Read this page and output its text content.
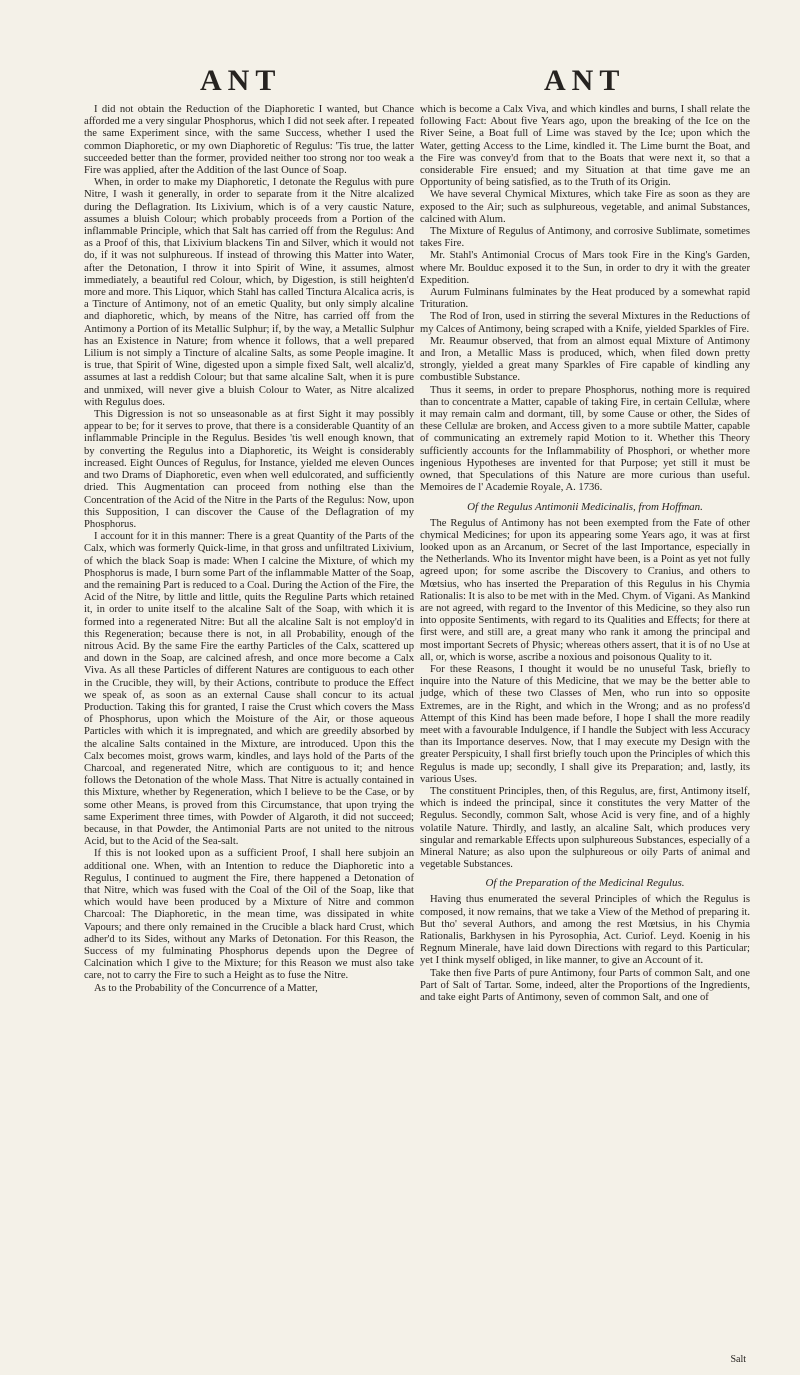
ANT	ANT

I did not obtain the Reduction of the Diaphoretic I wanted, but Chance afforded me a very singular Phosphorus, which I did not seek after. I repeated the same Experiment since, with the same Success, whether I used the common Diaphoretic, or my own Diaphoretic of Regulus: 'Tis true, the latter succeeded better than the former, provided neither too strong nor too weak a Fire was applied, after the Addition of the last Ounce of Soap.

When, in order to make my Diaphoretic, I detonate the Regulus with pure Nitre, I wash it generally, in order to separate from it the Nitre alcalized during the Deflagration. Its Lixivium, which is of a very caustic Nature, assumes a bluish Colour; which probably proceeds from a Portion of the inflammable Principle, which that Salt has carried off from the Regulus: And as a Proof of this, that Lixivium blackens Tin and Silver, which it would not do, if it was not sulphureous. If instead of throwing this Matter into Water, after the Detonation, I throw it into Spirit of Wine, it assumes, almost immediately, a beautiful red Colour, which, by Digestion, is still heighten'd more and more. This Liquor, which Stahl has called Tinctura Alcalica acris, is a Tincture of Antimony, not of an emetic Quality, but only simply alcaline and diaphoretic, which, by means of the Nitre, has carried off from the Antimony a Portion of its Metallic Sulphur; if, by the way, a Metallic Sulphur has an Existence in Nature; from whence it follows, that a well prepared Lilium is not simply a Tincture of alcaline Salts, as some People imagine. It is true, that Spirit of Wine, digested upon a simple fixed Salt, well alcaliz'd, assumes at last a reddish Colour; but that same alcaline Salt, when it is pure and unmixed, will never give a bluish Colour to Water, as Nitre alcalized with Regulus does.

This Digression is not so unseasonable as at first Sight it may possibly appear to be; for it serves to prove, that there is a considerable Quantity of an inflammable Principle in the Regulus. Besides 'tis well enough known, that by converting the Regulus into a Diaphoretic, its Weight is considerably increased. Eight Ounces of Regulus, for Instance, yielded me eleven Ounces and two Drams of Diaphoretic, even when well edulcorated, and sufficiently dried. This Augmentation can proceed from nothing else than the Concentration of the Acid of the Nitre in the Parts of the Regulus: Now, upon this Supposition, I can discover the Cause of the Deflagration of my Phosphorus.

I account for it in this manner: There is a great Quantity of the Parts of the Calx, which was formerly Quick-lime, in that gross and unfiltrated Lixivium, of which the black Soap is made: When I calcine the Mixture, of which my Phosphorus is made, I burn some Part of the inflammable Matter of the Soap, and the remaining Part is reduced to a Coal. During the Action of the Fire, the Acid of the Nitre, by little and little, quits the Reguline Parts which retained it, in order to unite itself to the alcaline Salt of the Soap, with which it is formed into a regenerated Nitre: But all the alcaline Salt is not employ'd in this Regeneration; because there is not, in all Probability, enough of the nitrous Acid. By the same Fire the earthy Particles of the Calx, scattered up and down in the Soap, are calcined afresh, and once more become a Calx Viva. As all these Particles of different Natures are contiguous to each other in the Crucible, they will, by their Actions, contribute to produce the Effect we speak of, as soon as an external Cause shall concur to its actual Production. Taking this for granted, I raise the Crust which covers the Mass of Phosphorus, upon which the Moisture of the Air, or those aqueous Particles with which it is impregnated, and which are greedily absorbed by the alcaline Salts contained in the Mixture, are introduced. Upon this the Calx becomes moist, grows warm, kindles, and lays hold of the Parts of the Charcoal, and regenerated Nitre, which are contiguous to it; and hence follows the Detonation of the whole Mass. That Nitre is actually contained in this Mixture, whether by Regeneration, which I believe to be the Case, or by some other Means, is proved from this Circumstance, that upon trying the same Experiment three times, with Powder of Algaroth, it did not succeed; because, in that Powder, the Antimonial Parts are not united to the nitrous Acid, but to the Acid of the Sea-salt.

If this is not looked upon as a sufficient Proof, I shall here subjoin an additional one. When, with an Intention to reduce the Diaphoretic into a Regulus, I continued to augment the Fire, there happened a Detonation of that Nitre, which was fused with the Coal of the Oil of the Soap, like that which would have been produced by a Mixture of Nitre and common Charcoal: The Diaphoretic, in the mean time, was dissipated in white Vapours; and there only remained in the Crucible a black hard Crust, which adher'd to its Sides, without any Marks of Detonation. For this Reason, the Success of my fulminating Phosphorus depends upon the Degree of Calcination which I give to the Mixture; for this Reason we must also take care, not to carry the Fire to such a Height as to fuse the Nitre.

As to the Probability of the Concurrence of a Matter,

which is become a Calx Viva, and which kindles and burns, I shall relate the following Fact: About five Years ago, upon the breaking of the Ice on the River Seine, a Boat full of Lime was staved by the Ice; upon which the Water, getting Access to the Lime, kindled it. The Lime burnt the Boat, and the Fire was convey'd from that to the Boats that were next it, so that a considerable Fire ensued; and my Situation at that time gave me an Opportunity of being satisfied, as to the Truth of its Origin.

We have several Chymical Mixtures, which take Fire as soon as they are exposed to the Air; such as sulphureous, vegetable, and animal Substances, calcined with Alum.

The Mixture of Regulus of Antimony, and corrosive Sublimate, sometimes takes Fire.

Mr. Stahl's Antimonial Crocus of Mars took Fire in the King's Garden, where Mr. Boulduc exposed it to the Sun, in order to dry it with the greater Expedition.

Aurum Fulminans fulminates by the Heat produced by a somewhat rapid Trituration.

The Rod of Iron, used in stirring the several Mixtures in the Reductions of my Calces of Antimony, being scraped with a Knife, yielded Sparkles of Fire.

Mr. Reaumur observed, that from an almost equal Mixture of Antimony and Iron, a Metallic Mass is produced, which, when filed down pretty strongly, yielded a great many Sparkles of Fire capable of kindling any combustible Substance.

Thus it seems, in order to prepare Phosphorus, nothing more is required than to concentrate a Matter, capable of taking Fire, in certain Cellulæ, where it may remain calm and dormant, till, by some Cause or other, the Sides of these Cellulæ are broken, and Access given to a more subtile Matter, capable of communicating an extremely rapid Motion to it. Whether this Theory sufficiently accounts for the Inflammability of Phosphori, or whether more ingenious Hypotheses are invented for that Purpose; yet still it must be owned, that Speculations of this Nature are more curious than useful. Memoires de l' Academie Royale, A. 1736.

Of the Regulus Antimonii Medicinalis, from Hoffman.

The Regulus of Antimony has not been exempted from the Fate of other chymical Medicines; for upon its appearing some Years ago, it was at first looked upon as an Arcanum, or Secret of the last Importance, especially in the Netherlands. Who its Inventor might have been, is a Point as yet not fully agreed upon; for some ascribe the Discovery to Cranius, and others to Mœtsius, who has inserted the Preparation of this Regulus in his Chymia Rationalis: It is also to be met with in the Med. Chym. of Vigani. As Mankind are not agreed, with regard to the Inventor of this Medicine, so they also run into opposite Sentiments, with regard to its Qualities and Effects; for there at first were, and still are, a great many who rank it among the principal and most important Secrets of Physic; whereas others assert, that it is of no Use at all, or, which is worse, ascribe a noxious and poisonous Quality to it.

For these Reasons, I thought it would be no unuseful Task, briefly to inquire into the Nature of this Medicine, that we may be the better able to judge, which of these two Classes of Men, who run into so opposite Extremes, are in the Right, and which in the Wrong; and as no profess'd Attempt of this Kind has been made before, I hope I shall the more readily meet with a favourable Indulgence, if I handle the Subject with less Accuracy than its Importance deserves. Now, that I may execute my Design with the greater Perspicuity, I shall first briefly touch upon the Principles of which this Regulus is made up; secondly, I shall give its Preparation; and, lastly, its various Uses.

The constituent Principles, then, of this Regulus, are, first, Antimony itself, which is indeed the principal, since it constitutes the very Matter of the Regulus. Secondly, common Salt, whose Acid is very fine, and of a highly volatile Nature. Thirdly, and lastly, an alcaline Salt, which produces very singular and remarkable Effects upon sulphureous Substances, especially of a Mineral Nature; as also upon the sulphureous or oily Parts of animal and vegetable Substances.

Of the Preparation of the Medicinal Regulus.

Having thus enumerated the several Principles of which the Regulus is composed, it now remains, that we take a View of the Method of preparing it. But tho' several Authors, and among the rest Mœtsius, in his Chymia Rationalis, Barkhysen in his Pyrosophia, Act. Curiof. Leyd. Koenig in his Regnum Minerale, have laid down Directions with regard to this Particular; yet I think myself obliged, in like manner, to give an Account of it.

Take then five Parts of pure Antimony, four Parts of common Salt, and one Part of Salt of Tartar. Some, indeed, alter the Proportions of the Ingredients, and take eight Parts of Antimony, seven of common Salt, and one of

Salt
